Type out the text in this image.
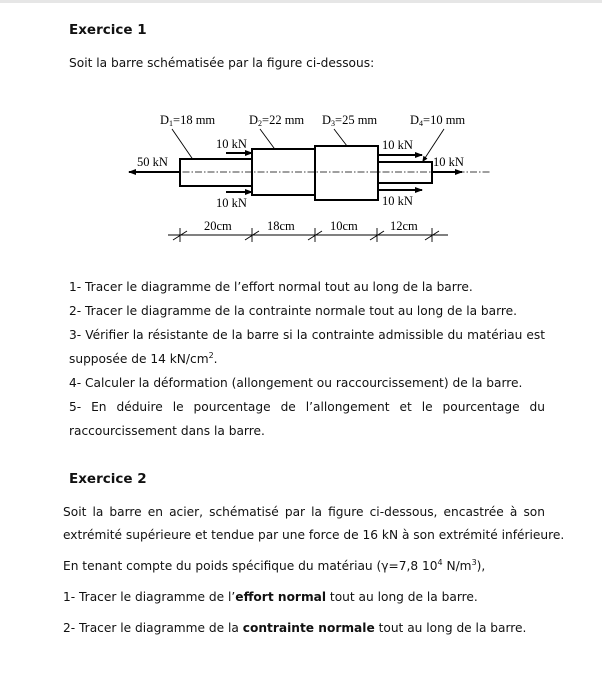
Exercice 1
Soit la barre schématisée par la figure ci-dessous:
D1=18 mm	D2=22 mm D3=25 mm	D4=10 mm
50 kN
10 kN
10 kN
10 kN
10 kN
10 kN
20cm	18cm	10cm	12cm
1- Tracer le diagramme de l’effort normal tout au long de la barre.
2- Tracer le diagramme de la contrainte normale tout au long de la barre.
3- Vérifier la résistante de la barre si la contrainte admissible du matériau est
supposée de 14 $kN/cm^2$.
4- Calculer la déformation (allongement ou raccourcissement) de la barre.
5- En déduire le pourcentage de l’allongement et le pourcentage du
raccourcissement dans la barre.
Exercice 2
Soit la barre en acier, schématisé par la figure ci-dessous, encastrée à son
extrémité supérieure et tendue par une force de 16 kN à son extrémité inférieure.
En tenant compte du poids spécifique du matériau (γ=7,8 $10^4$ $N/m^3$),
1- Tracer le diagramme de l’effort normal tout au long de la barre.
2- Tracer le diagramme de la contrainte normale tout au long de la barre.
